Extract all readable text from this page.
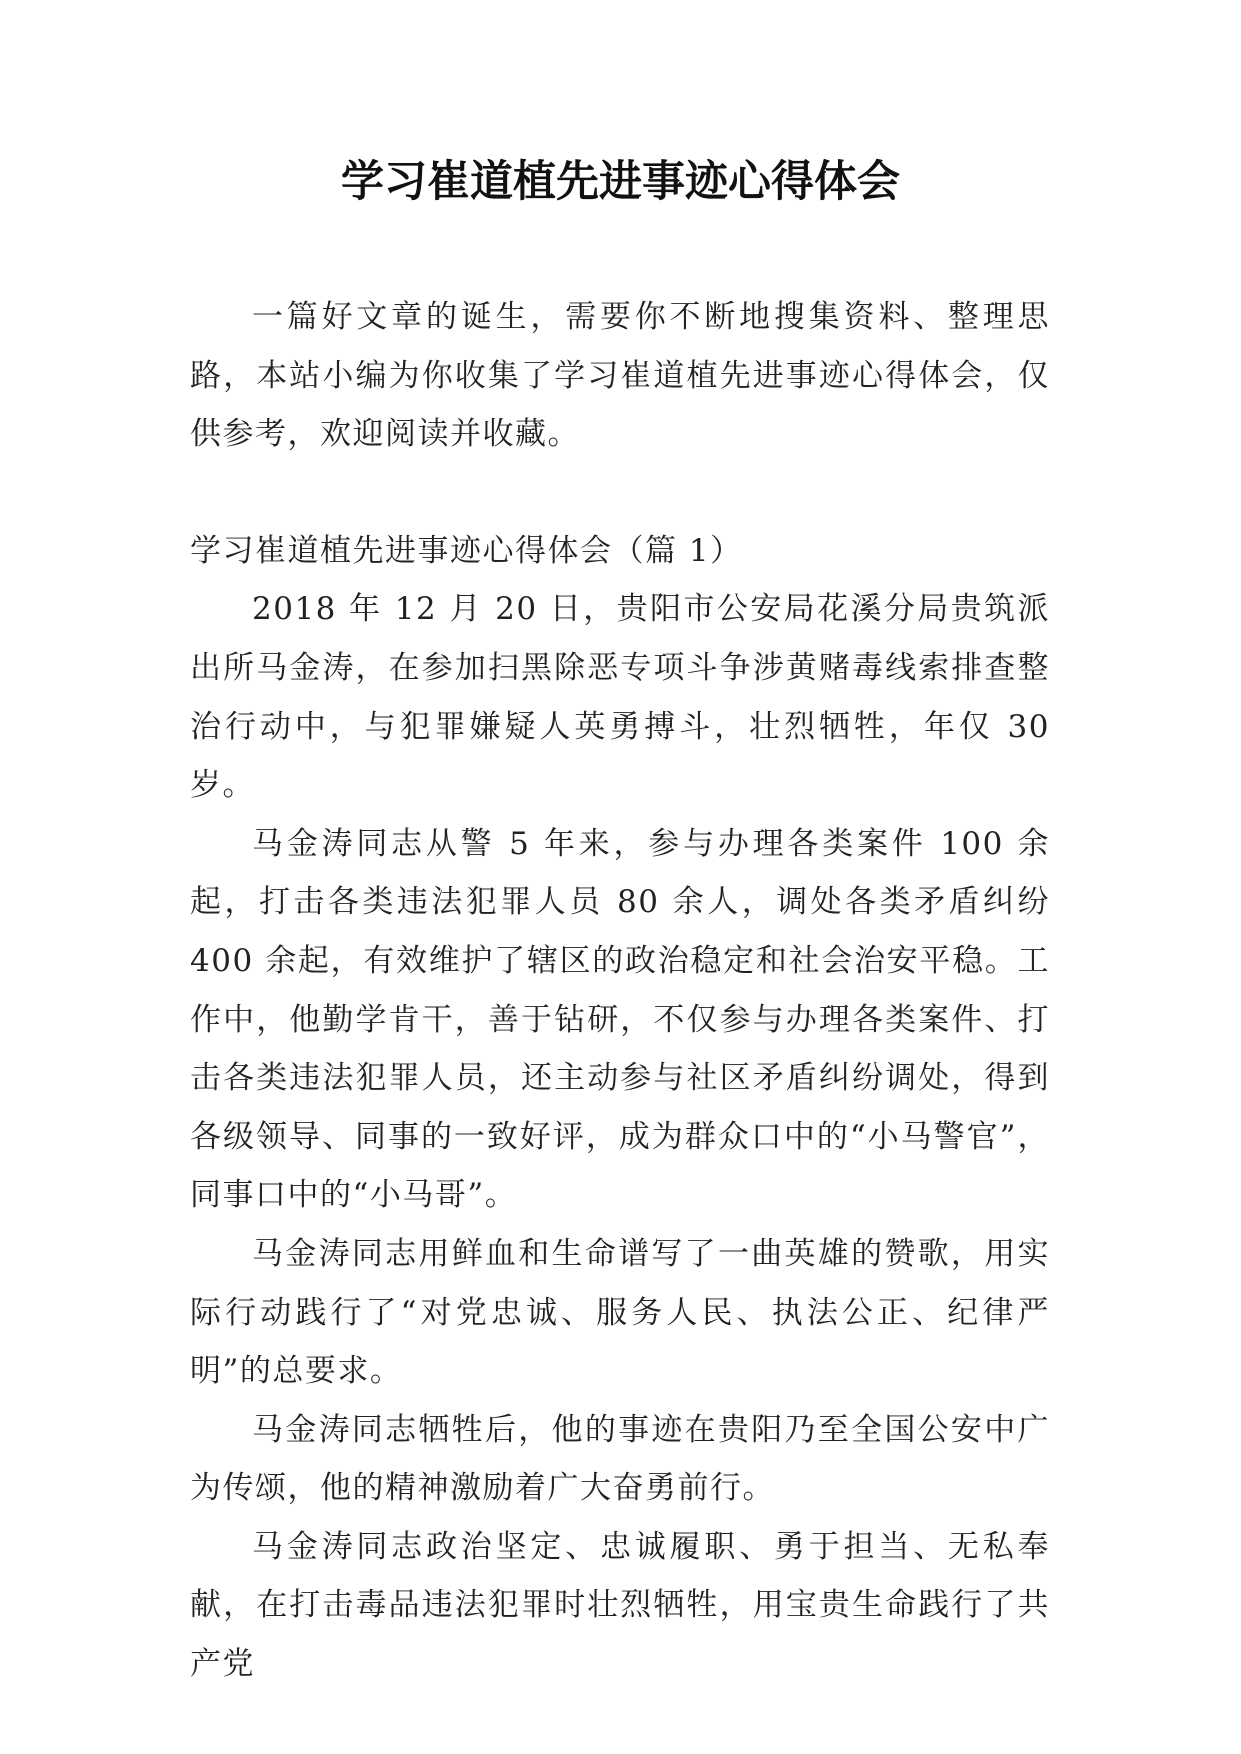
学习崔道植先进事迹心得体会

一篇好文章的诞生，需要你不断地搜集资料、整理思路，本站小编为你收集了学习崔道植先进事迹心得体会，仅供参考，欢迎阅读并收藏。

学习崔道植先进事迹心得体会（篇 1）

2018 年 12 月 20 日，贵阳市公安局花溪分局贵筑派出所马金涛，在参加扫黑除恶专项斗争涉黄赌毒线索排查整治行动中，与犯罪嫌疑人英勇搏斗，壮烈牺牲，年仅 30 岁。

马金涛同志从警 5 年来，参与办理各类案件 100 余起，打击各类违法犯罪人员 80 余人，调处各类矛盾纠纷 400 余起，有效维护了辖区的政治稳定和社会治安平稳。工作中，他勤学肯干，善于钻研，不仅参与办理各类案件、打击各类违法犯罪人员，还主动参与社区矛盾纠纷调处，得到各级领导、同事的一致好评，成为群众口中的“小马警官”，同事口中的“小马哥”。

马金涛同志用鲜血和生命谱写了一曲英雄的赞歌，用实际行动践行了“对党忠诚、服务人民、执法公正、纪律严明”的总要求。

马金涛同志牺牲后，他的事迹在贵阳乃至全国公安中广为传颂，他的精神激励着广大奋勇前行。

马金涛同志政治坚定、忠诚履职、勇于担当、无私奉献，在打击毒品违法犯罪时壮烈牺牲，用宝贵生命践行了共产党
